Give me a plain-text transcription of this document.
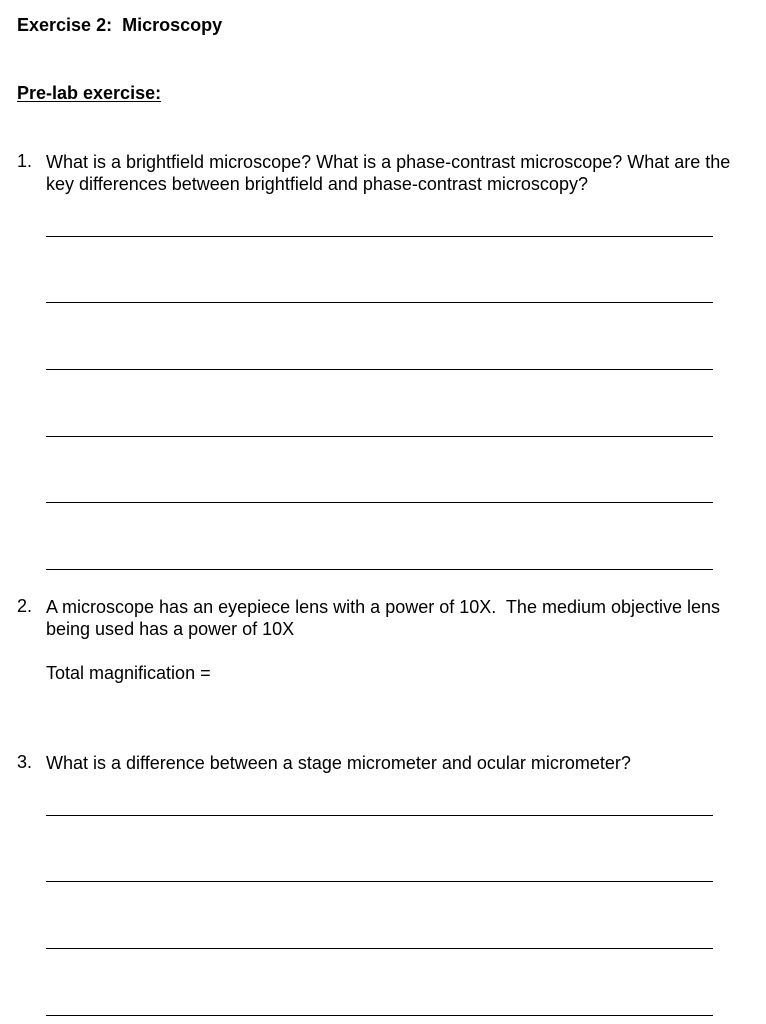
Exercise 2:  Microscopy
Pre-lab exercise:
1. What is a brightfield microscope? What is a phase-contrast microscope? What are the key differences between brightfield and phase-contrast microscopy?
2. A microscope has an eyepiece lens with a power of 10X.  The medium objective lens being used has a power of 10X
Total magnification =
3. What is a difference between a stage micrometer and ocular micrometer?
